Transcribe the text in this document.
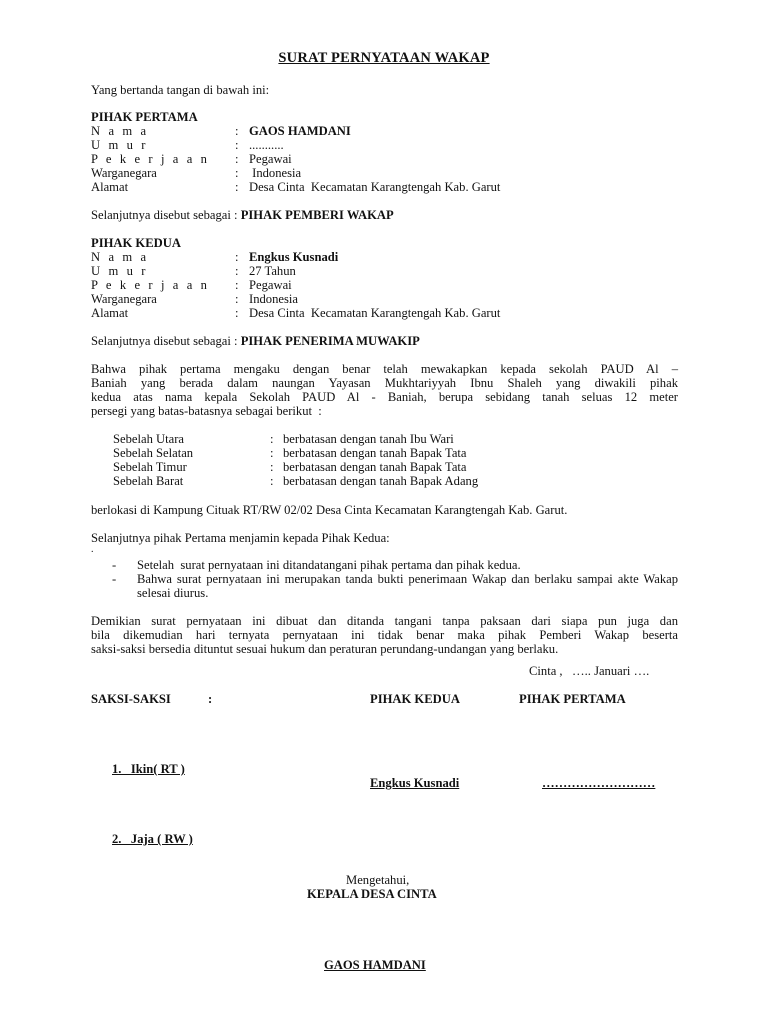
SURAT PERNYATAAN WAKAP
Yang bertanda tangan di bawah ini:
PIHAK PERTAMA
N a m a	: GAOS HAMDANI
U m u r	: ...........
P e k e r j a a n : Pegawai
Warganegara	: Indonesia
Alamat	: Desa Cinta  Kecamatan Karangtengah Kab. Garut
Selanjutnya disebut sebagai : PIHAK PEMBERI WAKAP
PIHAK KEDUA
N a m a	: Engkus Kusnadi
U m u r	: 27 Tahun
P e k e r j a a n : Pegawai
Warganegara	: Indonesia
Alamat	: Desa Cinta  Kecamatan Karangtengah Kab. Garut
Selanjutnya disebut sebagai : PIHAK PENERIMA MUWAKIP

Bahwa pihak pertama mengaku dengan benar telah mewakapkan kepada sekolah PAUD Al –

Baniah yang berada dalam naungan Yayasan Mukhtariyyah Ibnu Shaleh yang diwakili pihak

kedua atas nama kepala Sekolah PAUD Al - Baniah, berupa sebidang tanah seluas 12 meter

persegi yang batas-batasnya sebagai berikut  :

Sebelah Utara	: berbatasan dengan tanah Ibu Wari
Sebelah Selatan	: berbatasan dengan tanah Bapak Tata
Sebelah Timur	: berbatasan dengan tanah Bapak Tata
Sebelah Barat	: berbatasan dengan tanah Bapak Adang
berlokasi di Kampung Cituak RT/RW 02/02 Desa Cinta Kecamatan Karangtengah Kab. Garut.
Selanjutnya pihak Pertama menjamin kepada Pihak Kedua:
.
- Setelah  surat pernyataan ini ditandatangani pihak pertama dan pihak kedua.
- Bahwa surat pernyataan ini merupakan tanda bukti penerimaan Wakap dan berlaku sampai akte Wakap selesai diurus.

Demikian surat pernyataan ini dibuat dan ditanda tangani tanpa paksaan dari siapa pun juga dan

bila dikemudian hari ternyata pernyataan ini tidak benar maka pihak Pemberi Wakap beserta

saksi-saksi bersedia dituntut sesuai hukum dan peraturan perundang-undangan yang berlaku.

Cinta ,   ….. Januari ….
SAKSI-SAKSI	:	PIHAK KEDUA	PIHAK PERTAMA
1.   Ikin( RT )
Engkus Kusnadi	………………………
2.   Jaja ( RW )
Mengetahui,
KEPALA DESA CINTA
GAOS HAMDANI
